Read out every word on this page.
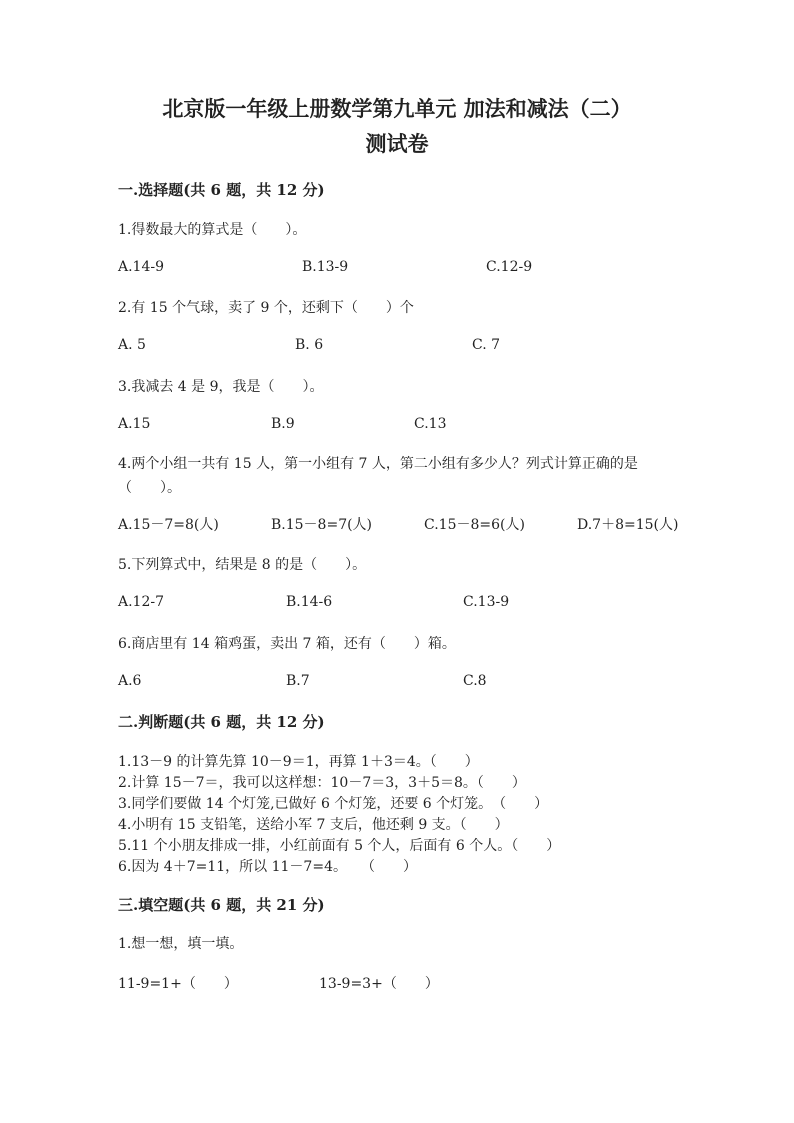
北京版一年级上册数学第九单元 加法和减法（二）
测试卷
一.选择题(共 6 题，共 12 分)

1.得数最大的算式是（　　）。

A.14-9	B.13-9	C.12-9

2.有 15 个气球，卖了 9 个，还剩下（　　）个

A. 5	B. 6	C. 7

3.我减去 4 是 9，我是（　　）。

A.15	B.9	C.13

4.两个小组一共有 15 人，第一小组有 7 人，第二小组有多少人？列式计算正确的是（　　）。

A.15－7=8(人)	B.15－8=7(人)	C.15－8=6(人)	D.7＋8=15(人)

5.下列算式中，结果是 8 的是（　　）。

A.12-7	B.14-6	C.13-9

6.商店里有 14 箱鸡蛋，卖出 7 箱，还有（　　）箱。

A.6	B.7	C.8
二.判断题(共 6 题，共 12 分)
1.13－9 的计算先算 10－9＝1，再算 1＋3＝4。（　　）
2.计算 15－7＝，我可以这样想：10－7＝3，3＋5＝8。（　　）
3.同学们要做 14 个灯笼,已做好 6 个灯笼，还要 6 个灯笼。　（　　）
4.小明有 15 支铅笔，送给小军 7 支后，他还剩 9 支。（　　）
5.11 个小朋友排成一排，小红前面有 5 个人，后面有 6 个人。（　　）
6.因为 4＋7=11，所以 11－7=4。　　（　　）
三.填空题(共 6 题，共 21 分)

1.想一想，填一填。

11-9=1+（　　）	13-9=3+（　　）
